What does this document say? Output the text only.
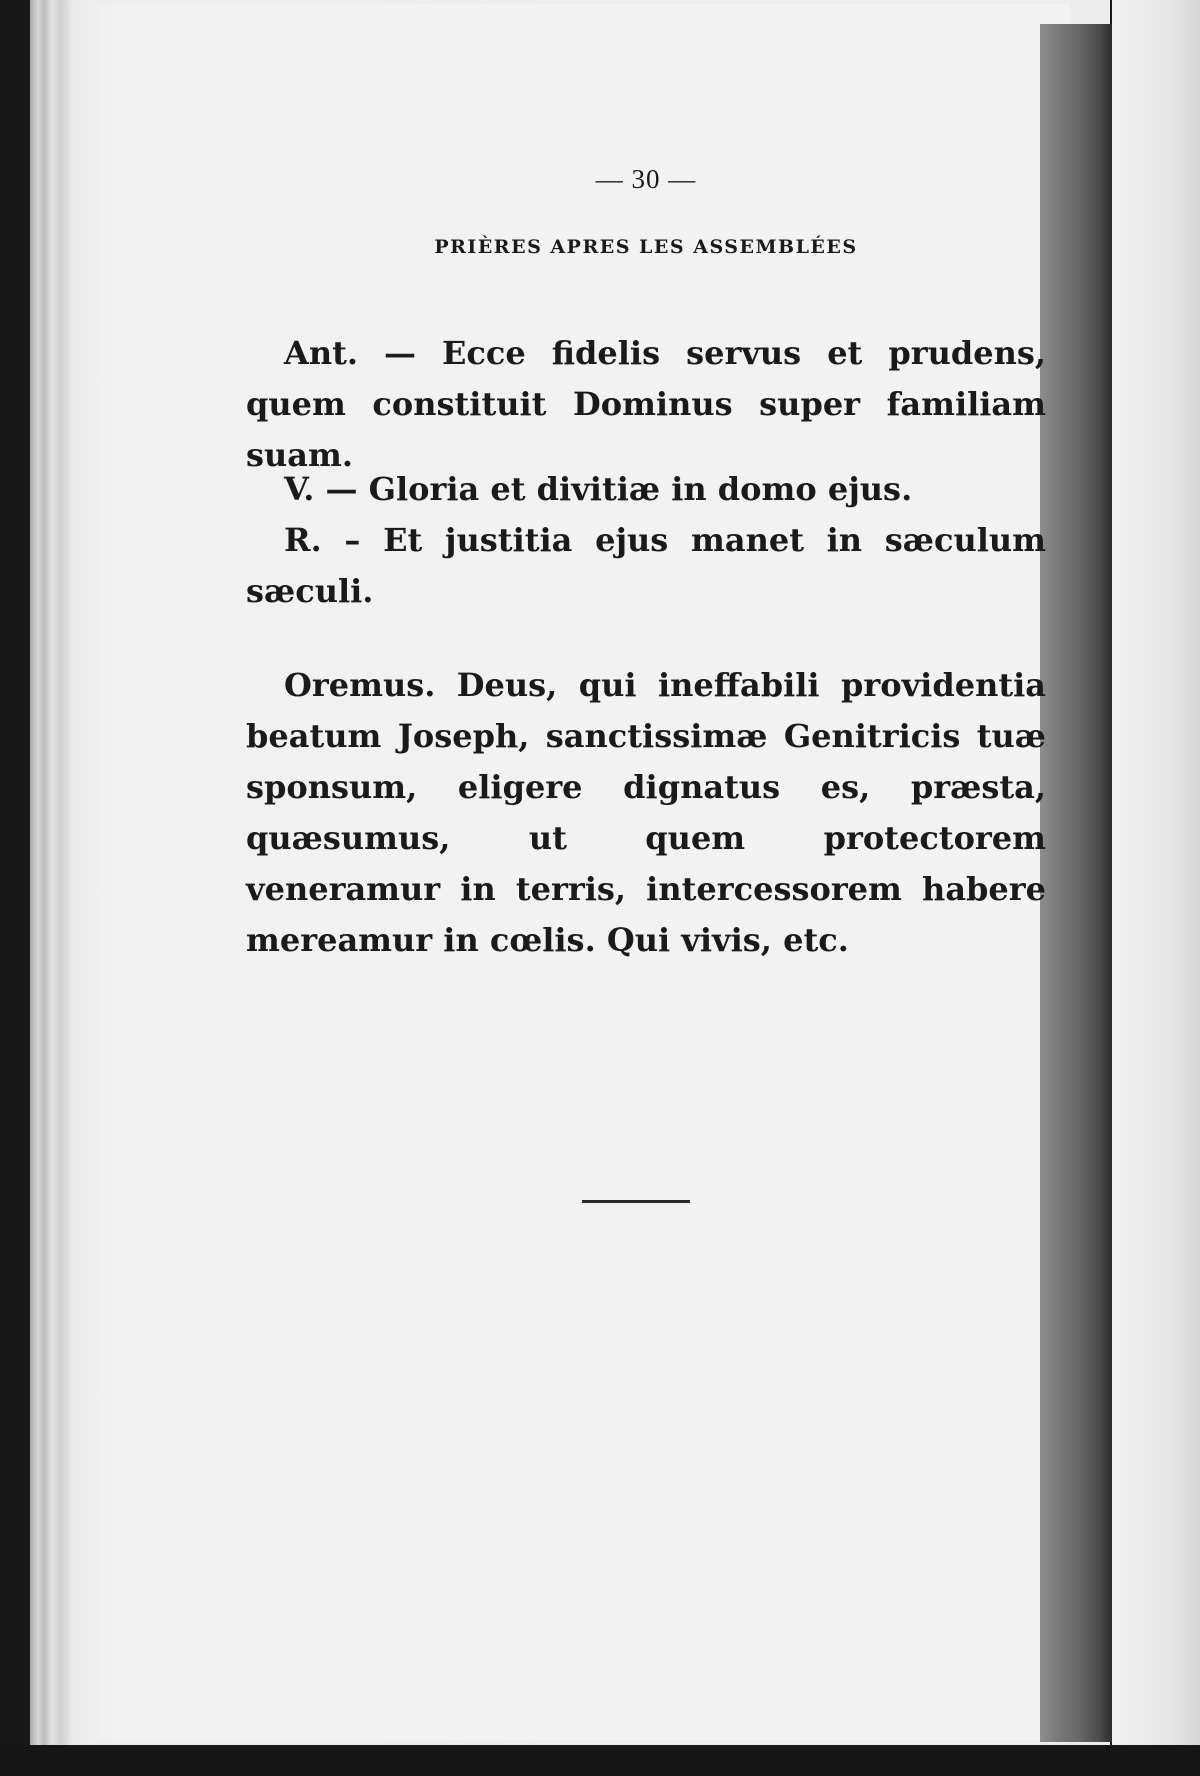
— 30 —
PRIÈRES APRES LES ASSEMBLÉES

Ant. — Ecce fidelis servus et prudens, quem constituit Dominus super familiam suam.

V. — Gloria et divitiæ in domo ejus.

R. – Et justitia ejus manet in sæculum sæculi.

Oremus. Deus, qui ineffabili providentia beatum Joseph, sanctissimæ Genitricis tuæ sponsum, eligere dignatus es, præsta, quæsumus, ut quem protectorem veneramur in terris, intercessorem habere mereamur in cœlis. Qui vivis, etc.
